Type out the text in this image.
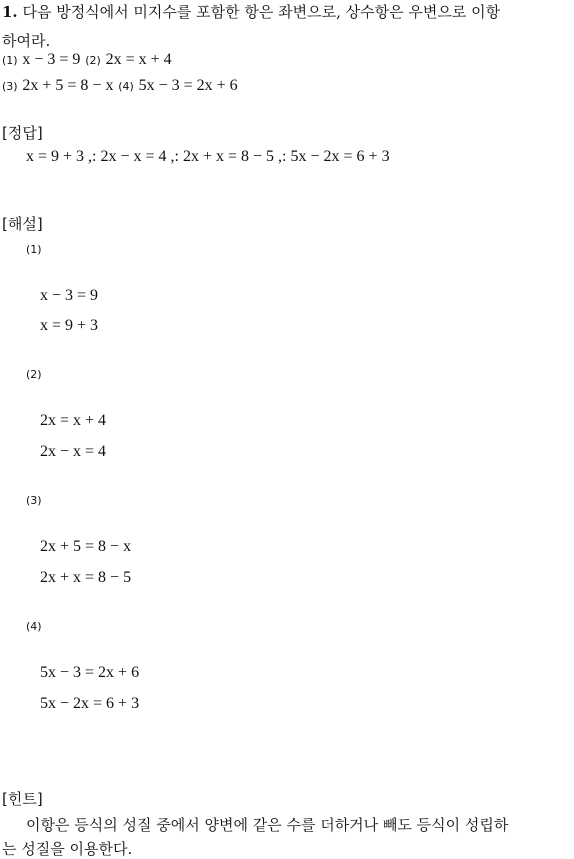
1. 다음 방정식에서 미지수를 포함한 항은 좌변으로, 상수항은 우변으로 이항
하여라.
(1) x − 3 = 9 (2) 2x = x + 4
(3) 2x + 5 = 8 − x (4) 5x − 3 = 2x + 6
[정답]
x = 9 + 3 ,: 2x − x = 4 ,: 2x + x = 8 − 5 ,: 5x − 2x = 6 + 3
[해설]
(1)
x − 3 = 9
x = 9 + 3
(2)
2x = x + 4
2x − x = 4
(3)
2x + 5 = 8 − x
2x + x = 8 − 5
(4)
5x − 3 = 2x + 6
5x − 2x = 6 + 3
[힌트]
이항은 등식의 성질 중에서 양변에 같은 수를 더하거나 빼도 등식이 성립하
는 성질을 이용한다.
